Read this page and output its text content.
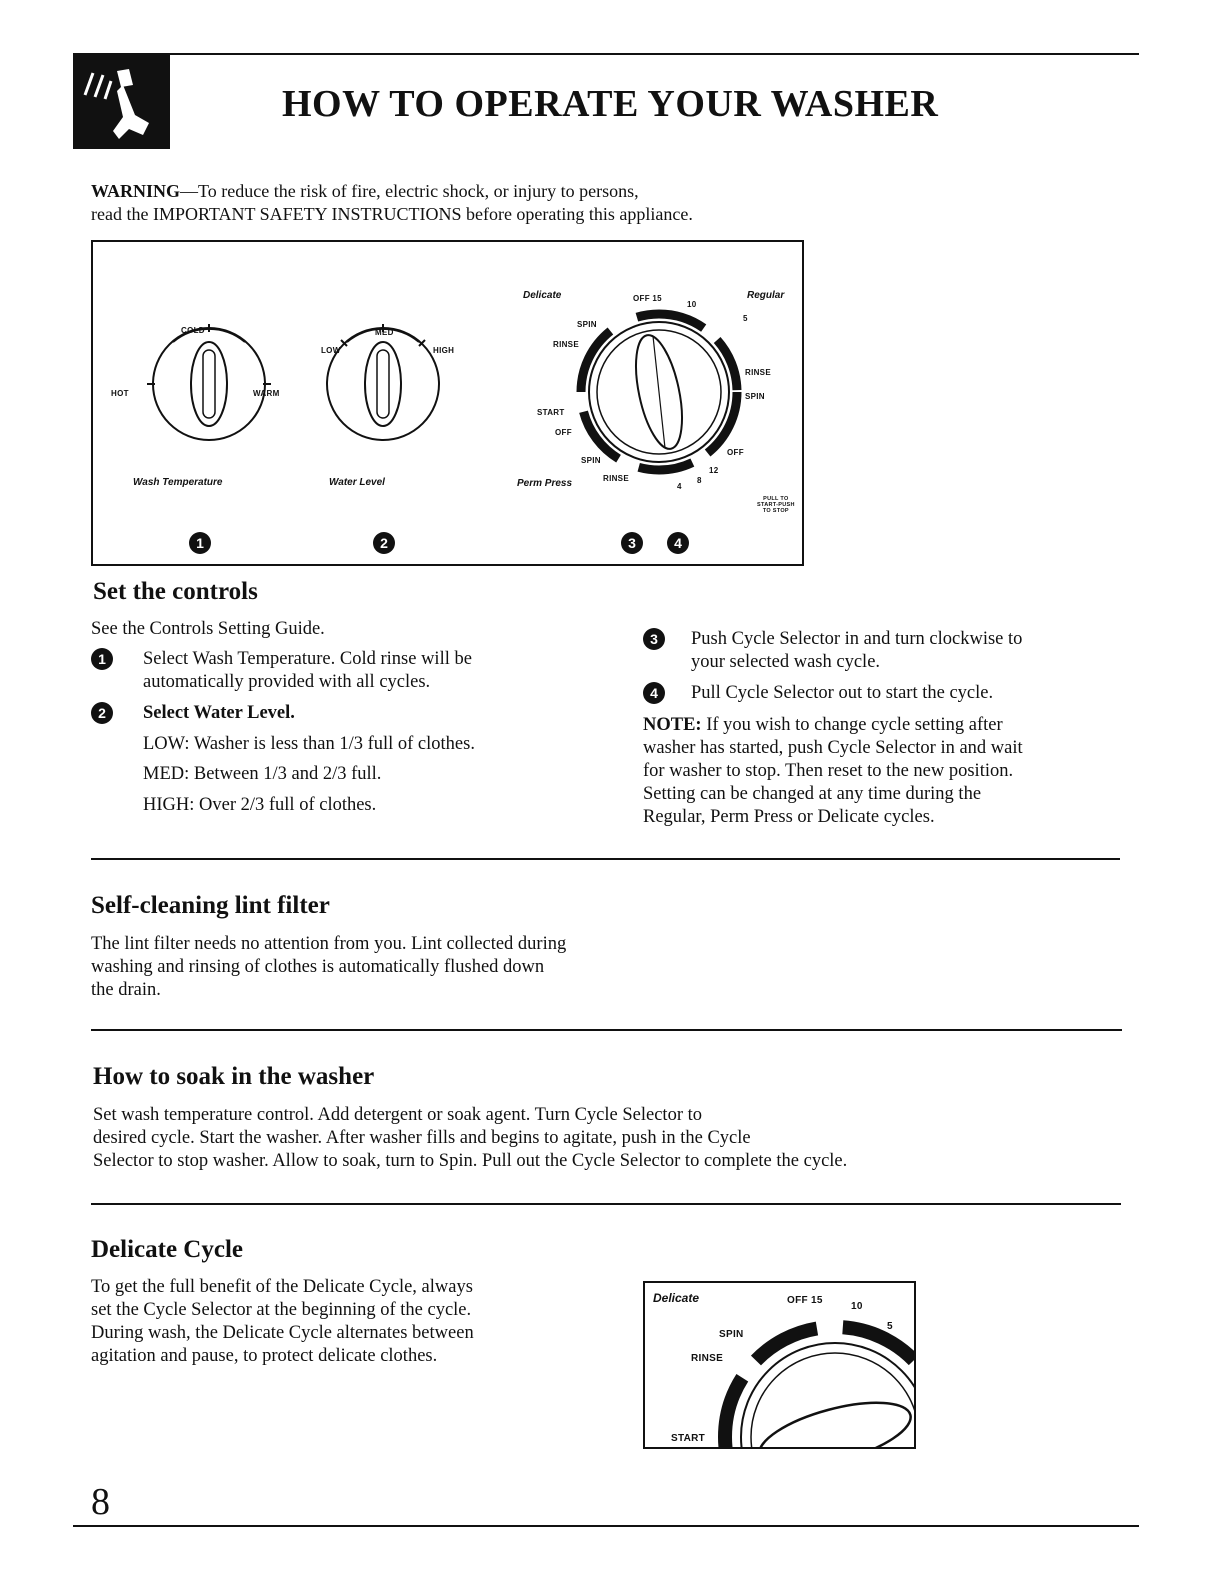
HOW TO OPERATE YOUR WASHER
WARNING—To reduce the risk of fire, electric shock, or injury to persons,
read the IMPORTANT SAFETY INSTRUCTIONS before operating this appliance.
COLD
HOT	WARM
Wash Temperature
1
MED
LOW	HIGH
Water Level
2
Delicate	Regular
OFF 15
10
5
SPIN
RINSE
START
OFF
SPIN
RINSE
RINSE
SPIN
OFF
12
8
4
Perm Press
PULL TO
START-PUSH
TO STOP
3	4
Set the controls
See the Controls Setting Guide.
1	Select Wash Temperature. Cold rinse will be
automatically provided with all cycles.
2	Select Water Level.
LOW: Washer is less than 1/3 full of clothes.
MED: Between 1/3 and 2/3 full.
HIGH: Over 2/3 full of clothes.
3	Push Cycle Selector in and turn clockwise to
your selected wash cycle.
4	Pull Cycle Selector out to start the cycle.
NOTE: If you wish to change cycle setting after
washer has started, push Cycle Selector in and wait
for washer to stop. Then reset to the new position.
Setting can be changed at any time during the
Regular, Perm Press or Delicate cycles.
Self-cleaning lint filter
The lint filter needs no attention from you. Lint collected during
washing and rinsing of clothes is automatically flushed down
the drain.
How to soak in the washer
Set wash temperature control. Add detergent or soak agent. Turn Cycle Selector to
desired cycle. Start the washer. After washer fills and begins to agitate, push in the Cycle
Selector to stop washer. Allow to soak, turn to Spin. Pull out the Cycle Selector to complete the cycle.
Delicate Cycle
To get the full benefit of the Delicate Cycle, always
set the Cycle Selector at the beginning of the cycle.
During wash, the Delicate Cycle alternates between
agitation and pause, to protect delicate clothes.
Delicate	OFF 15
10
5
SPIN
RINSE
START
8
